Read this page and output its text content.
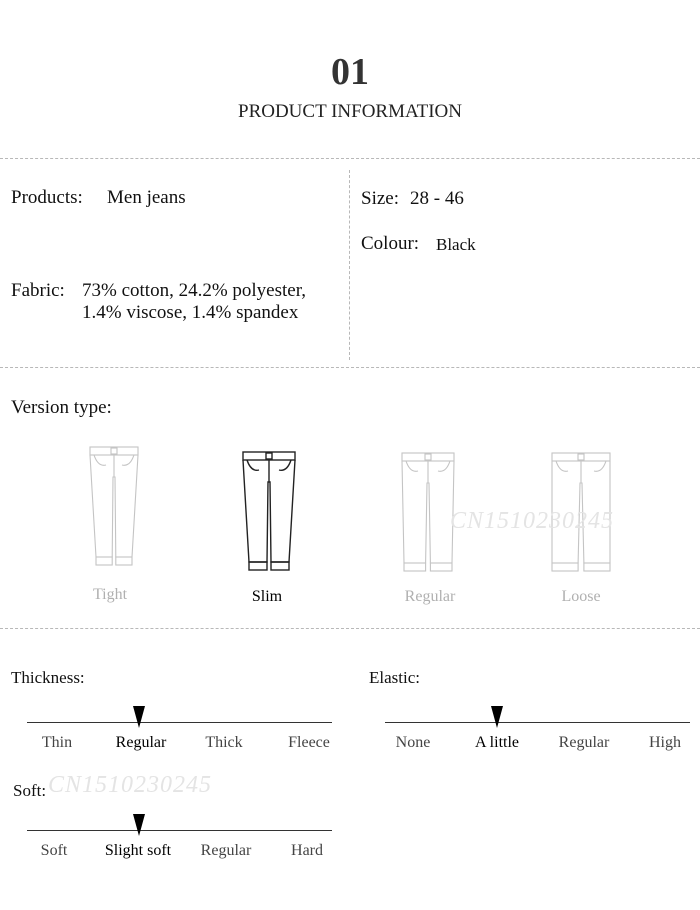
01
PRODUCT INFORMATION
Products: Men jeans
Fabric: 73% cotton, 24.2% polyester,
1.4% viscose, 1.4% spandex
Size: 28 - 46
Colour: Black
Version type:
Tight	Slim	Regular	Loose
CN1510230245
Thickness:	Elastic:
Soft: CN1510230245
Thin	Regular Thick	Fleece	None	A little Regular High
Soft Slight soft Regular Hard
